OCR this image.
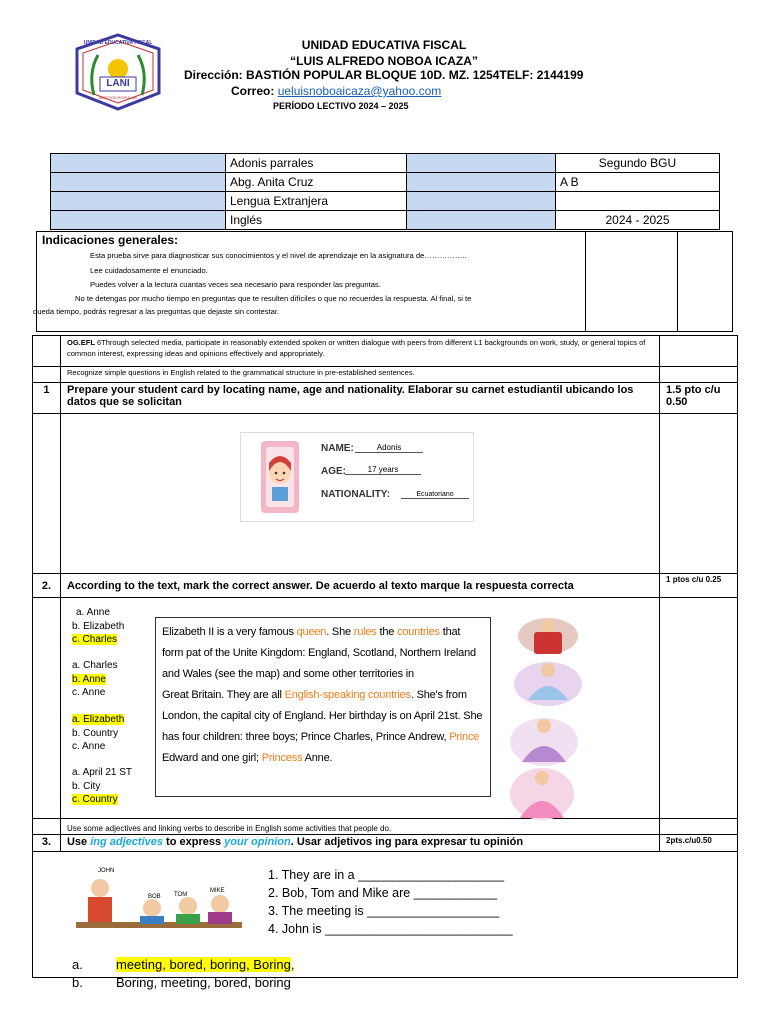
UNIDAD EDUCATIVA FISCAL
LANI
BASTIÓN POPULAR
UNIDAD EDUCATIVA FISCAL
“LUIS ALFREDO NOBOA ICAZA”
Dirección: BASTIÓN POPULAR BLOQUE 10D. MZ. 1254TELF: 2144199
Correo: ueluisnoboaicaza@yahoo.com
PERÍODO LECTIVO 2024 – 2025
	Adonis parrales		Segundo BGU
	Abg. Anita Cruz		A B
	Lengua Extranjera		
	Inglés		2024 - 2025
Indicaciones generales:
Esta prueba sirve para diagnosticar sus conocimientos y el nivel de aprendizaje en la asignatura de……………..
Lee cuidadosamente el enunciado.
Puedes volver a la lectura cuantas veces sea necesario para responder las preguntas.
No te detengas por mucho tiempo en preguntas que te resulten difíciles o que no recuerdes la respuesta. Al final, si te
queda tiempo, podrás regresar a las preguntas que dejaste sin contestar.
	OG.EFL 6Through selected media, participate in reasonably extended spoken or written dialogue with peers from different L1 backgrounds on work, study, or general topics of common interest, expressing ideas and opinions effectively and appropriately.	
	Recognize simple questions in English related to the grammatical structure in pre-established sentences.	
1	Prepare your student card by locating name, age and nationality. Elaborar su carnet estudiantil ubicando los datos que se solicitan	1.5 pto c/u 0.50

2.	According to the text, mark the correct answer. De acuerdo al texto marque la respuesta correcta	1 ptos c/u 0.25

	Use some adjectives and linking verbs to describe in English some activities that people do.	
3.	Use ing adjectives to express your opinion. Usar adjetivos ing para expresar tu opinión	2pts.c/u0.50

NAME:	Adonis
AGE:	17 years
NATIONALITY:	Ecuatoriano
a. Anne
b. Elizabeth
c. Charles
a. Charles
b. Anne
c. Anne
a. Elizabeth
b. Country
c. Anne
a. April 21 ST
b. City
c. Country
Elizabeth II is a very famous queen. She rules the countries that form pat of the Unite Kingdom: England, Scotland, Northern Ireland and Wales (see the map) and some other territories in
Great Britain. They are all English-speaking countries. She's from London, the capital city of England. Her birthday is on April 21st. She has four children: three boys; Prince Charles, Prince Andrew, Prince Edward and one girl; Princess Anne.
JOHN
TOM
MIKE
BOB
1. They are in a _____________________
2. Bob, Tom and Mike are ____________
3. The meeting is ___________________
4. John is ___________________________
a.	meeting, bored, boring, Boring,
b.	Boring, meeting, bored, boring
